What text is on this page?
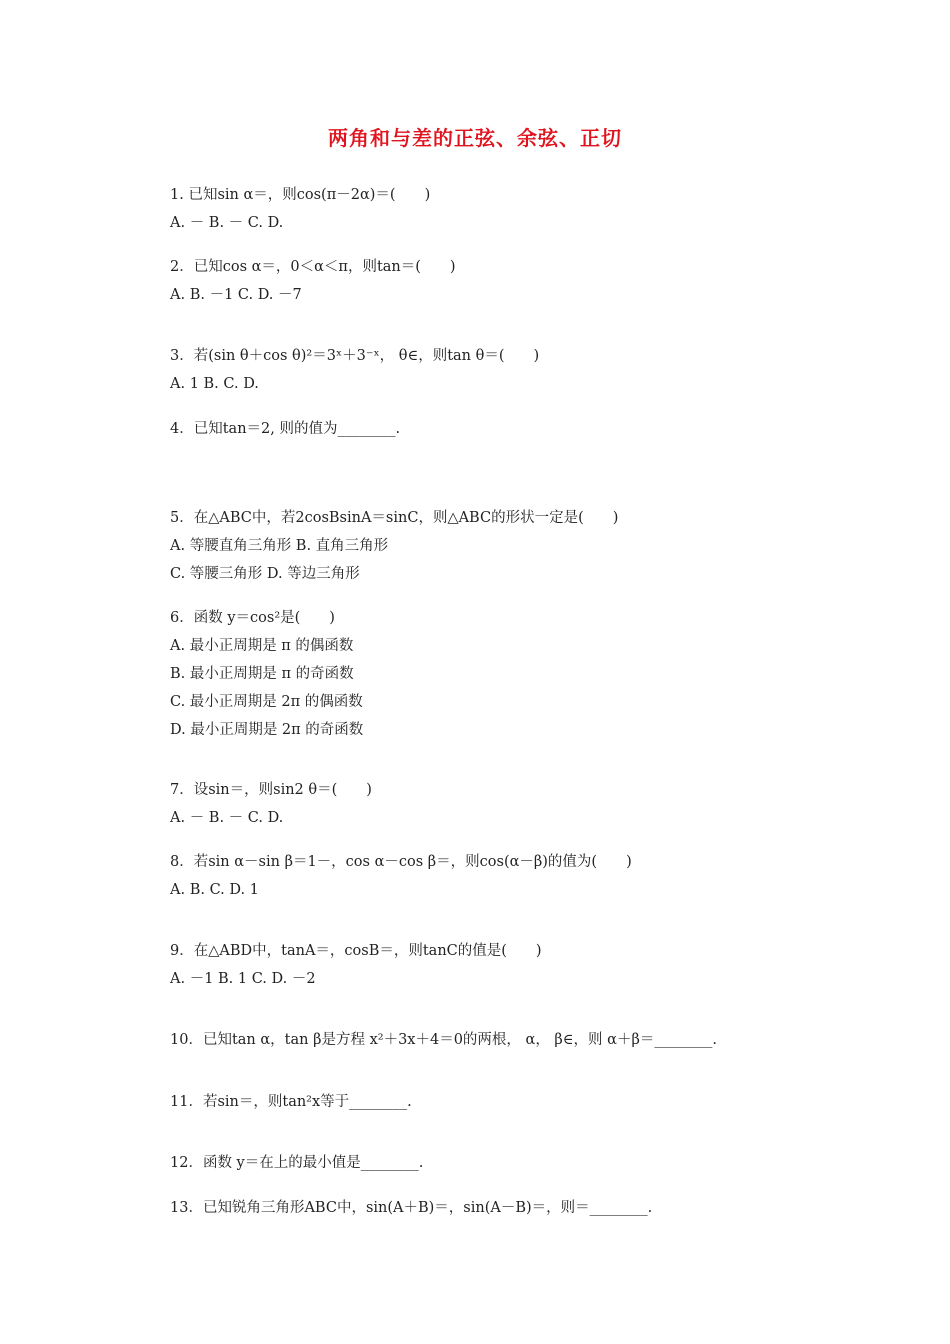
两角和与差的正弦、余弦、正切
1. 已知sin α＝，则cos(π－2α)＝(　　)
A. － B. － C. D.
2．已知cos α＝，0＜α＜π，则tan＝(　　)
A. B. －1 C. D. －7
3．若(sin θ＋cos θ)²＝3ˣ＋3⁻ˣ， θ∈，则tan θ＝(　　)
A. 1 B. C. D.
4．已知tan＝2, 则的值为________.
5．在△ABC中，若2cosBsinA＝sinC，则△ABC的形状一定是(　　)
A. 等腰直角三角形 B. 直角三角形
C. 等腰三角形 D. 等边三角形
6．函数 y＝cos²是(　　)
A. 最小正周期是 π 的偶函数
B. 最小正周期是 π 的奇函数
C. 最小正周期是 2π 的偶函数
D. 最小正周期是 2π 的奇函数
7．设sin＝，则sin2 θ＝(　　)
A. － B. － C. D.
8．若sin α－sin β＝1－，cos α－cos β＝，则cos(α－β)的值为(　　)
A. B. C. D. 1
9．在△ABD中，tanA＝，cosB＝，则tanC的值是(　　)
A. －1 B. 1 C. D. －2
10．已知tan α，tan β是方程 x²＋3x＋4＝0的两根， α， β∈，则 α＋β＝________.
11．若sin＝，则tan²x等于________.
12．函数 y＝在上的最小值是________.
13．已知锐角三角形ABC中，sin(A＋B)＝，sin(A－B)＝，则＝________.
